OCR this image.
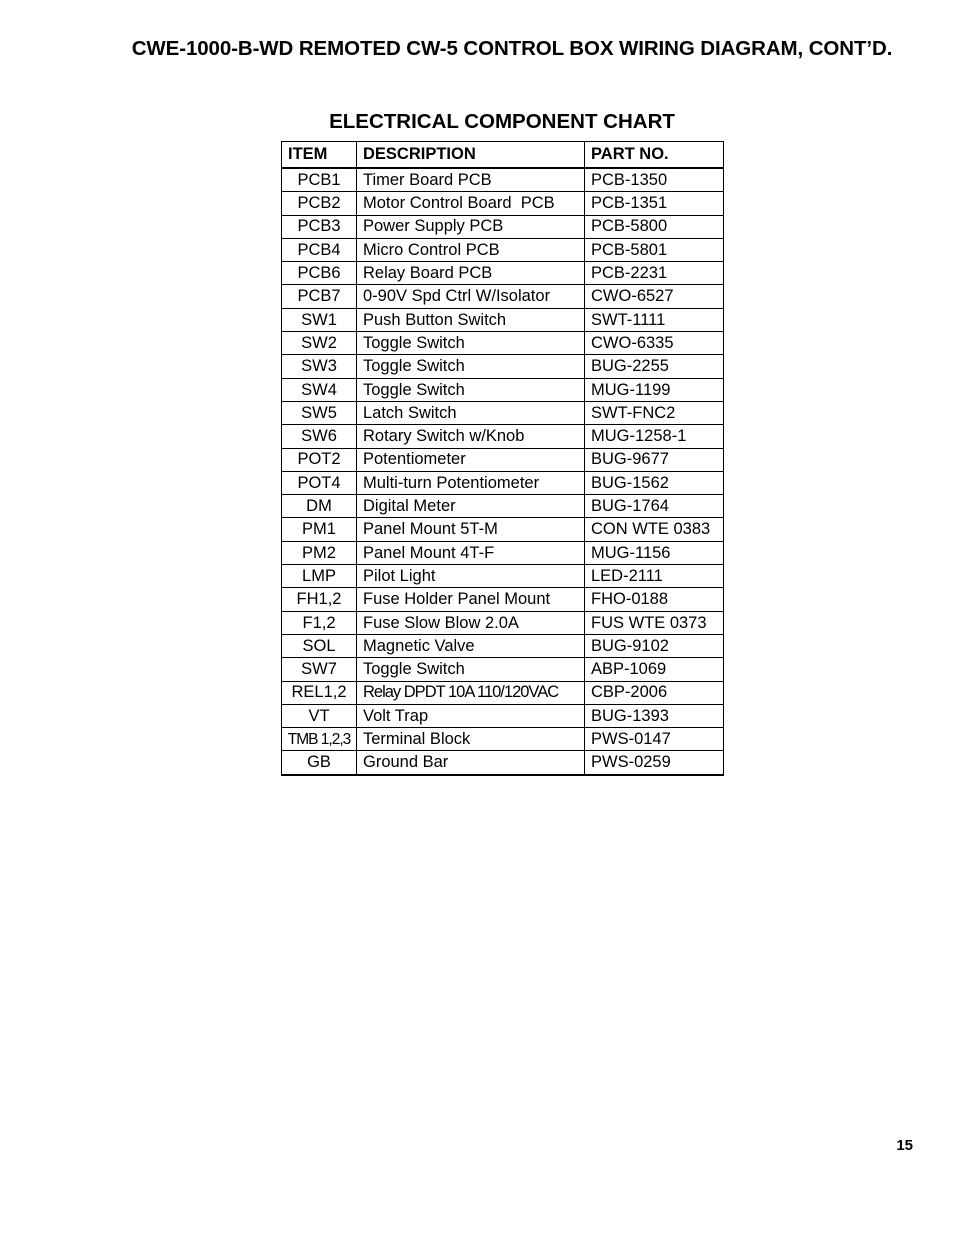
CWE-1000-B-WD REMOTED CW-5 CONTROL BOX WIRING DIAGRAM, CONT’D.
ELECTRICAL COMPONENT CHART
ITEM	DESCRIPTION	PART NO.
PCB1	Timer Board PCB	PCB-1350
PCB2	Motor Control Board  PCB	PCB-1351
PCB3	Power Supply PCB	PCB-5800
PCB4	Micro Control PCB	PCB-5801
PCB6	Relay Board PCB	PCB-2231
PCB7	0-90V Spd Ctrl W/Isolator	CWO-6527
SW1	Push Button Switch	SWT-1111
SW2	Toggle Switch	CWO-6335
SW3	Toggle Switch	BUG-2255
SW4	Toggle Switch	MUG-1199
SW5	Latch Switch	SWT-FNC2
SW6	Rotary Switch w/Knob	MUG-1258-1
POT2	Potentiometer	BUG-9677
POT4	Multi-turn Potentiometer	BUG-1562
DM	Digital Meter	BUG-1764
PM1	Panel Mount 5T-M	CON WTE 0383
PM2	Panel Mount 4T-F	MUG-1156
LMP	Pilot Light	LED-2111
FH1,2	Fuse Holder Panel Mount	FHO-0188
F1,2	Fuse Slow Blow 2.0A	FUS WTE 0373
SOL	Magnetic Valve	BUG-9102
SW7	Toggle Switch	ABP-1069
REL1,2	Relay DPDT 10A 110/120VAC	CBP-2006
VT	Volt Trap	BUG-1393
TMB 1,2,3	Terminal Block	PWS-0147
GB	Ground Bar	PWS-0259
15
